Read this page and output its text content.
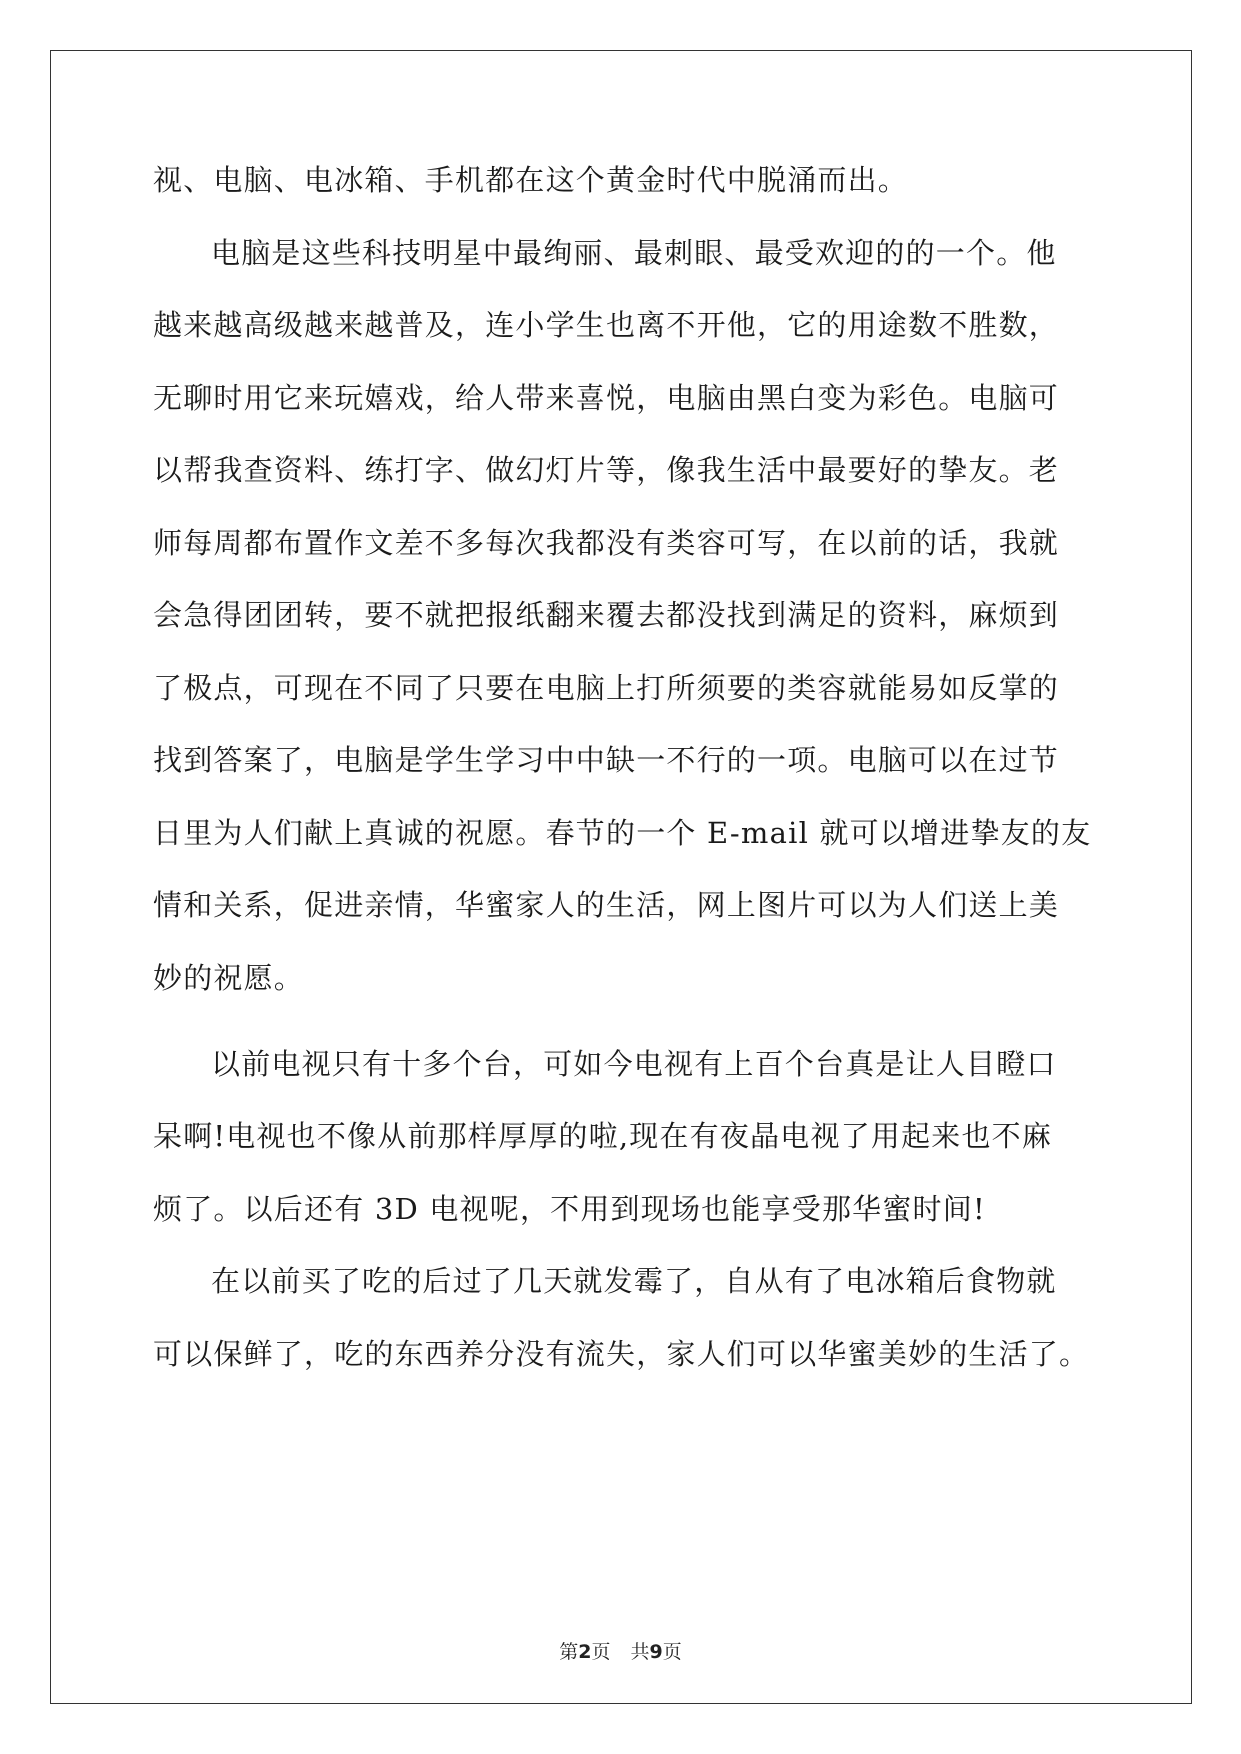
视、电脑、电冰箱、手机都在这个黄金时代中脱涌而出。
电脑是这些科技明星中最绚丽、最刺眼、最受欢迎的的一个。他
越来越高级越来越普及，连小学生也离不开他，它的用途数不胜数，
无聊时用它来玩嬉戏，给人带来喜悦，电脑由黑白变为彩色。电脑可
以帮我查资料、练打字、做幻灯片等，像我生活中最要好的挚友。老
师每周都布置作文差不多每次我都没有类容可写，在以前的话，我就
会急得团团转，要不就把报纸翻来覆去都没找到满足的资料，麻烦到
了极点，可现在不同了只要在电脑上打所须要的类容就能易如反掌的
找到答案了，电脑是学生学习中中缺一不行的一项。电脑可以在过节
日里为人们献上真诚的祝愿。春节的一个 E-mail 就可以增进挚友的友
情和关系，促进亲情，华蜜家人的生活，网上图片可以为人们送上美
妙的祝愿。
以前电视只有十多个台，可如今电视有上百个台真是让人目瞪口
呆啊!电视也不像从前那样厚厚的啦,现在有夜晶电视了用起来也不麻
烦了。以后还有 3D 电视呢，不用到现场也能享受那华蜜时间!
在以前买了吃的后过了几天就发霉了，自从有了电冰箱后食物就
可以保鲜了，吃的东西养分没有流失，家人们可以华蜜美妙的生活了。
第2页 共9页
